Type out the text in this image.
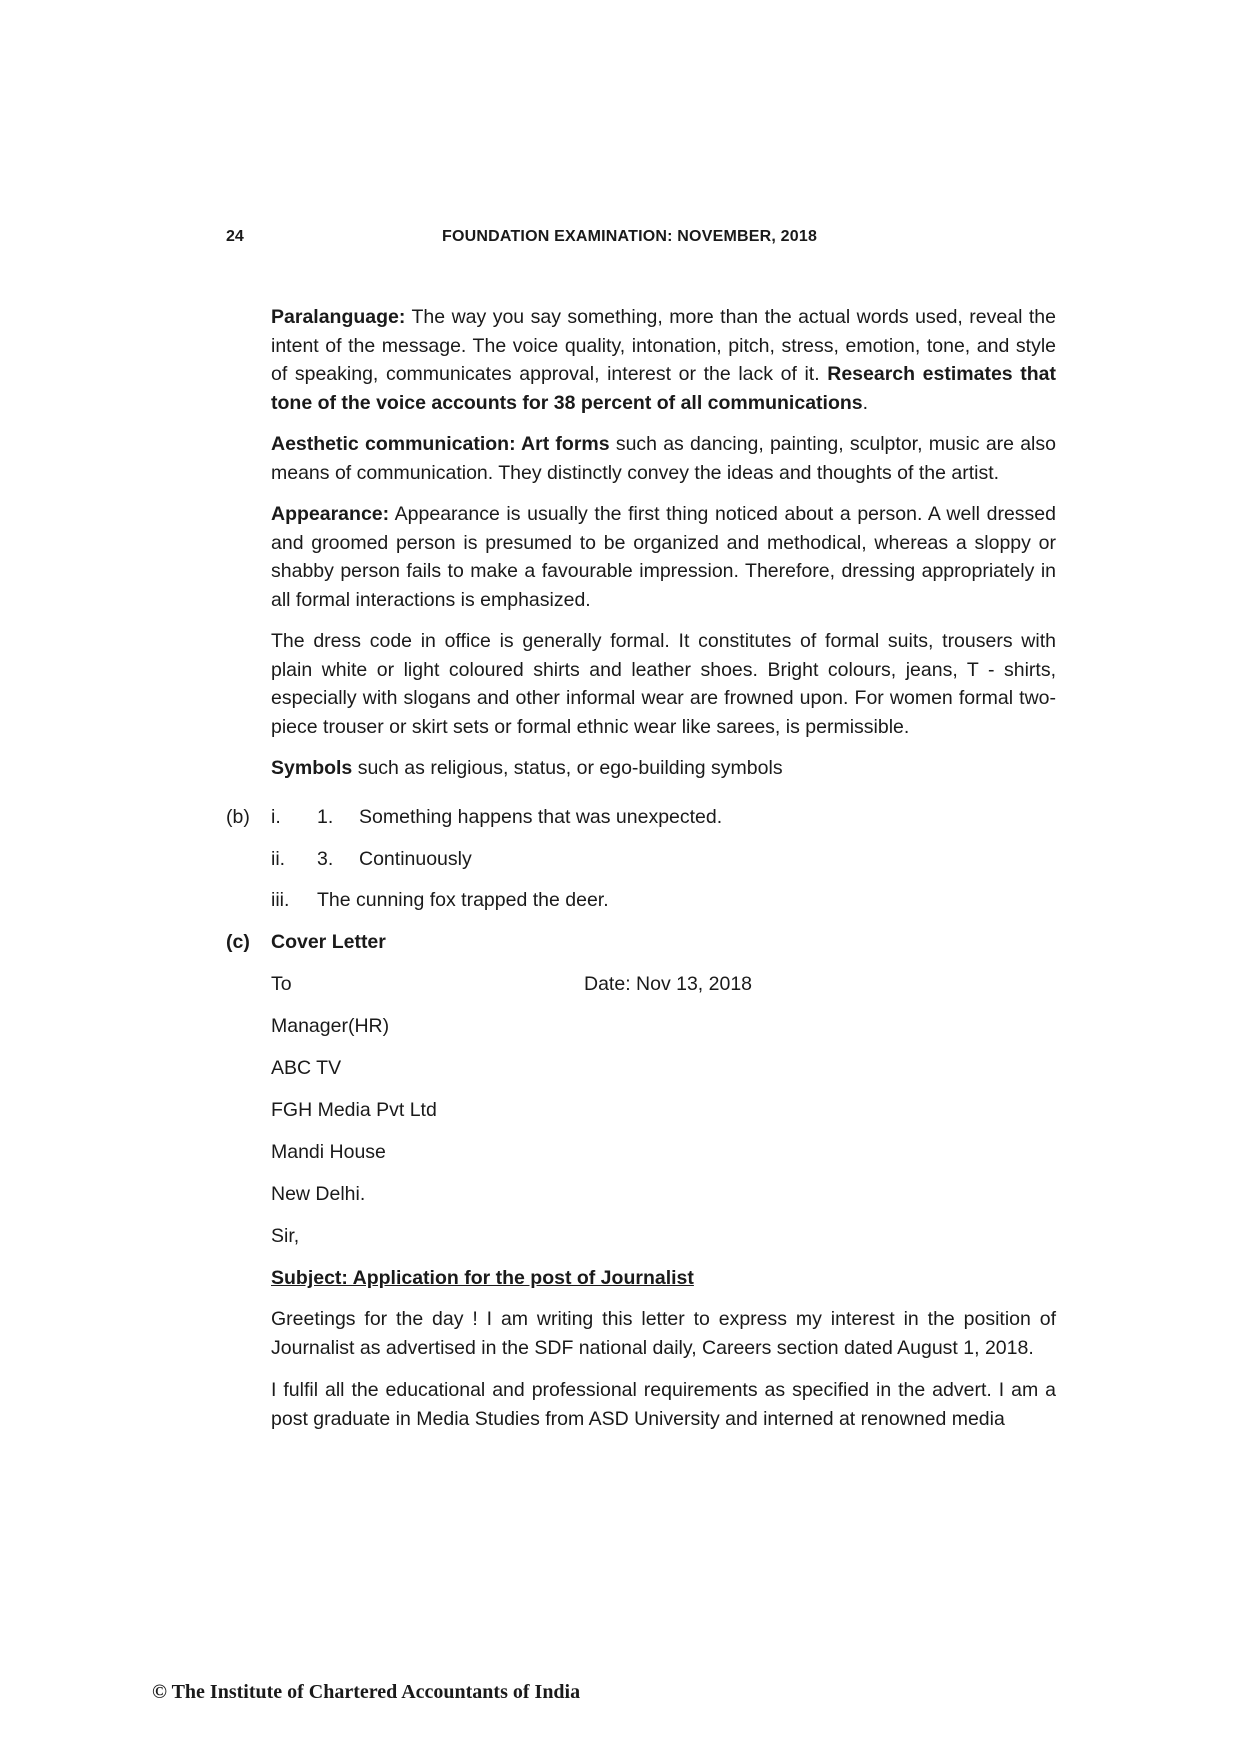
24	FOUNDATION EXAMINATION: NOVEMBER, 2018

Paralanguage: The way you say something, more than the actual words used, reveal the intent of the message. The voice quality, intonation, pitch, stress, emotion, tone, and style of speaking, communicates approval, interest or the lack of it. Research estimates that tone of the voice accounts for 38 percent of all communications.

Aesthetic communication: Art forms such as dancing, painting, sculptor, music are also means of communication. They distinctly convey the ideas and thoughts of the artist.

Appearance: Appearance is usually the first thing noticed about a person. A well dressed and groomed person is presumed to be organized and methodical, whereas a sloppy or shabby person fails to make a favourable impression. Therefore, dressing appropriately in all formal interactions is emphasized.

The dress code in office is generally formal. It constitutes of formal suits, trousers with plain white or light coloured shirts and leather shoes. Bright colours, jeans, T - shirts, especially with slogans and other informal wear are frowned upon. For women formal two-piece trouser or skirt sets or formal ethnic wear like sarees, is permissible.

Symbols such as religious, status, or ego-building symbols

(b) i. 1. Something happens that was unexpected.
ii. 3. Continuously
iii. The cunning fox trapped the deer.
(c) Cover Letter
To	Date: Nov 13, 2018
Manager(HR)
ABC TV
FGH Media Pvt Ltd
Mandi House
New Delhi.
Sir,
Subject: Application for the post of Journalist

Greetings for the day ! I am writing this letter to express my interest in the position of Journalist as advertised in the SDF national daily, Careers section dated August 1, 2018.

I fulfil all the educational and professional requirements as specified in the advert. I am a post graduate in Media Studies from ASD University and interned at renowned media

© The Institute of Chartered Accountants of India
